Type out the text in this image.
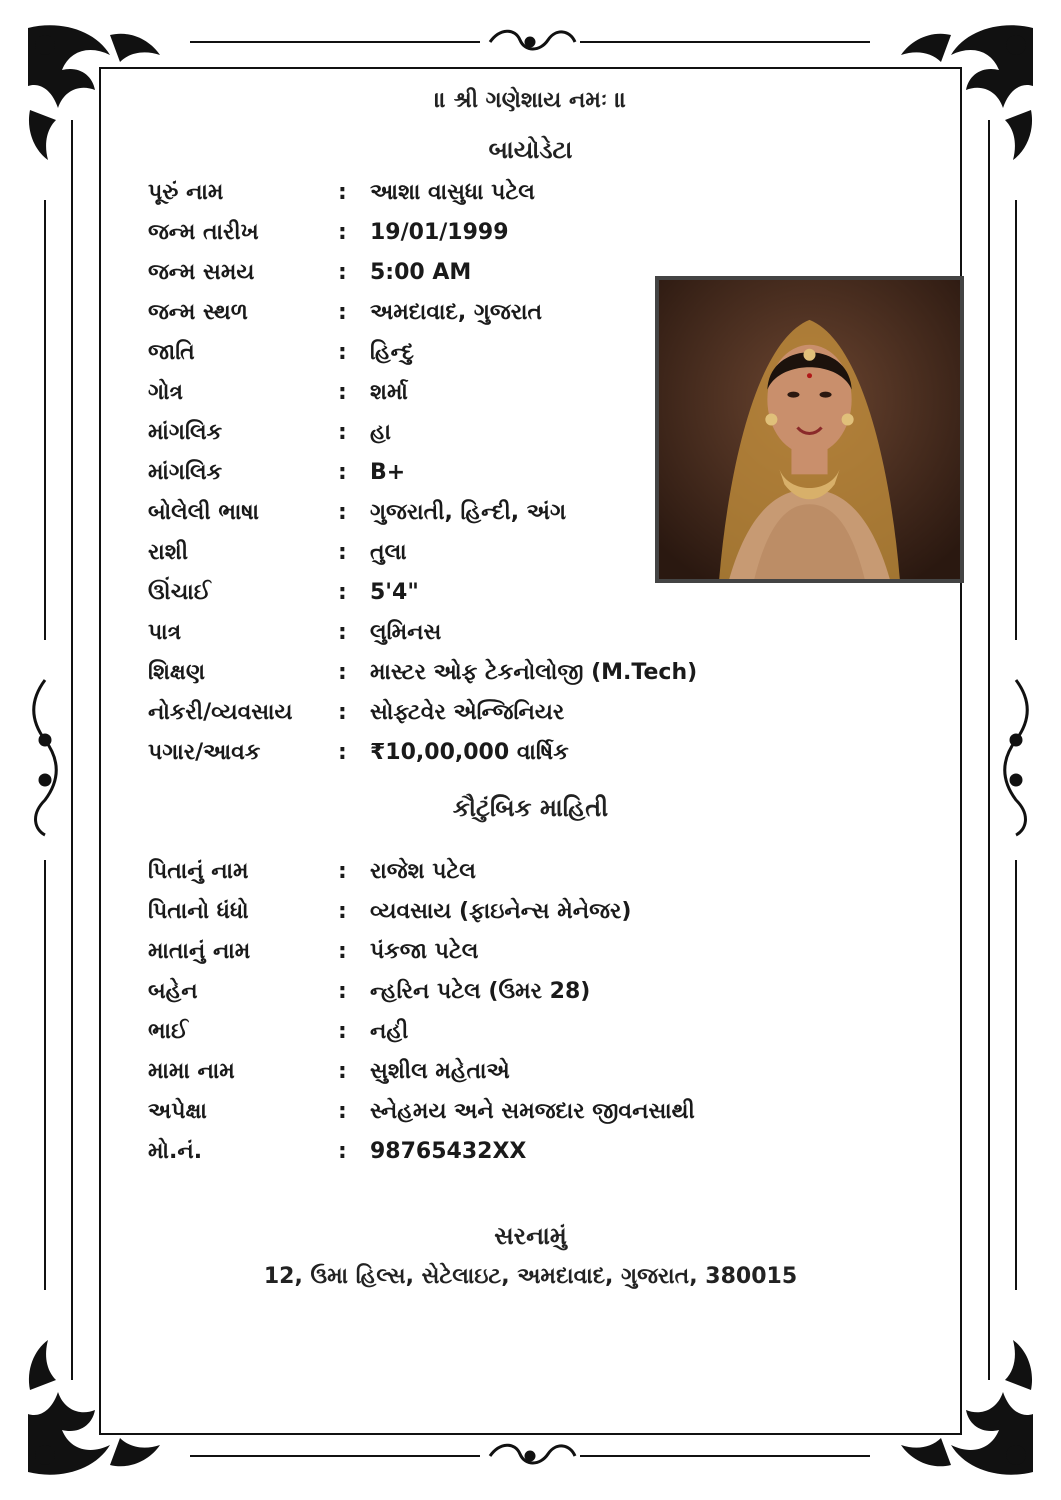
॥ શ્રી ગણેશાય નમઃ ॥
બાયોડેટા
પૂરું નામ	:	આશા વાસુધા પટેલ
જન્મ તારીખ	:	19/01/1999
જન્મ સમય	:	5:00 AM
જન્મ સ્થળ	:	અમદાવાદ, ગુજરાત
જાતિ	:	હિન્દુ
ગોત્ર	:	શર્મા
માંગલિક	:	હા
માંગલિક	:	B+
બોલેલી ભાષા	:	ગુજરાતી, હિન્દી, અંગ
રાશી	:	તુલા
ઊંચાઈ	:	5'4"
પાત્ર	:	લુમિનસ
શિક્ષણ	:	માસ્ટર ઓફ ટેકનોલોજી (M.Tech)
નોકરી/વ્યવસાય	:	સોફ્ટવેર એન્જિનિયર
પગાર/આવક	:	₹10,00,000 વાર્ષિક
કૌટુંબિક માહિતી
પિતાનું નામ	:	રાજેશ પટેલ
પિતાનો ધંધો	:	વ્યવસાય (ફાઇનેન્સ મેનેજર)
માતાનું નામ	:	પંકજા પટેલ
બહેન	:	ન્હરિન પટેલ (ઉમર 28)
ભાઈ	:	નહી
મામા નામ	:	સુશીલ મહેતાએ
અપેક્ષા	:	સ્નેહમય અને સમજદાર જીવનસાથી
મો.નં.	:	98765432XX
સરનામું
12, ઉમા હિલ્સ, સેટેલાઇટ, અમદાવાદ, ગુજરાત, 380015
